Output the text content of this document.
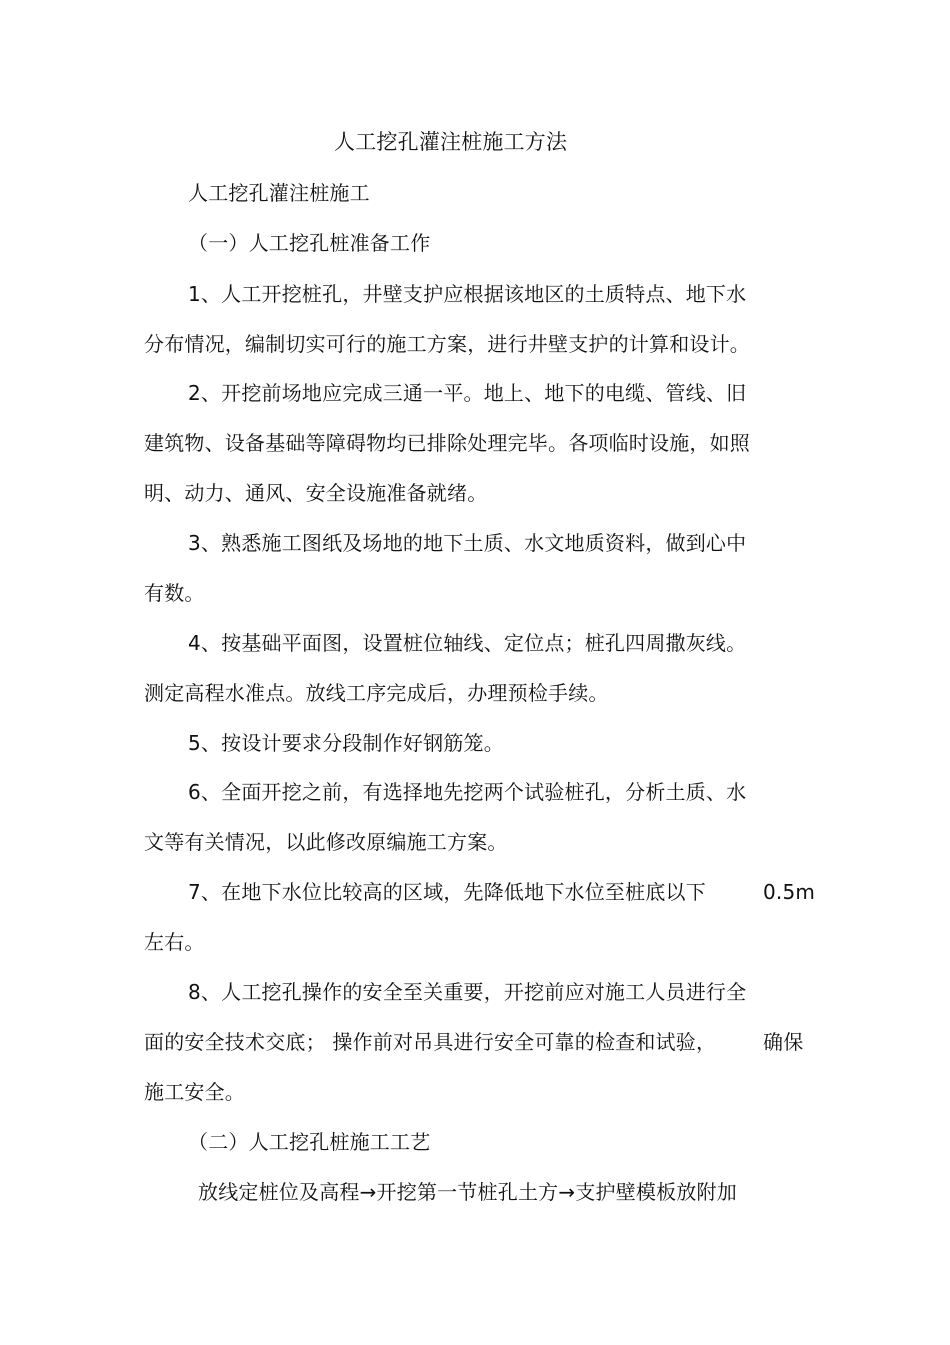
人工挖孔灌注桩施工方法
人工挖孔灌注桩施工
（一）人工挖孔桩准备工作
1、人工开挖桩孔，井壁支护应根据该地区的土质特点、地下水
分布情况，编制切实可行的施工方案，进行井壁支护的计算和设计。
2、开挖前场地应完成三通一平。地上、地下的电缆、管线、旧
建筑物、设备基础等障碍物均已排除处理完毕。各项临时设施，如照
明、动力、通风、安全设施准备就绪。
3、熟悉施工图纸及场地的地下土质、水文地质资料，做到心中
有数。
4、按基础平面图，设置桩位轴线、定位点；桩孔四周撒灰线。
测定高程水准点。放线工序完成后，办理预检手续。
5、按设计要求分段制作好钢筋笼。
6、全面开挖之前，有选择地先挖两个试验桩孔，分析土质、水
文等有关情况，以此修改原编施工方案。
7、在地下水位比较高的区域，先降低地下水位至桩底以下	0.5m
左右。
8、人工挖孔操作的安全至关重要，开挖前应对施工人员进行全
面的安全技术交底； 操作前对吊具进行安全可靠的检查和试验， 确保
施工安全。
（二）人工挖孔桩施工工艺
放线定桩位及高程→开挖第一节桩孔土方→支护壁模板放附加
